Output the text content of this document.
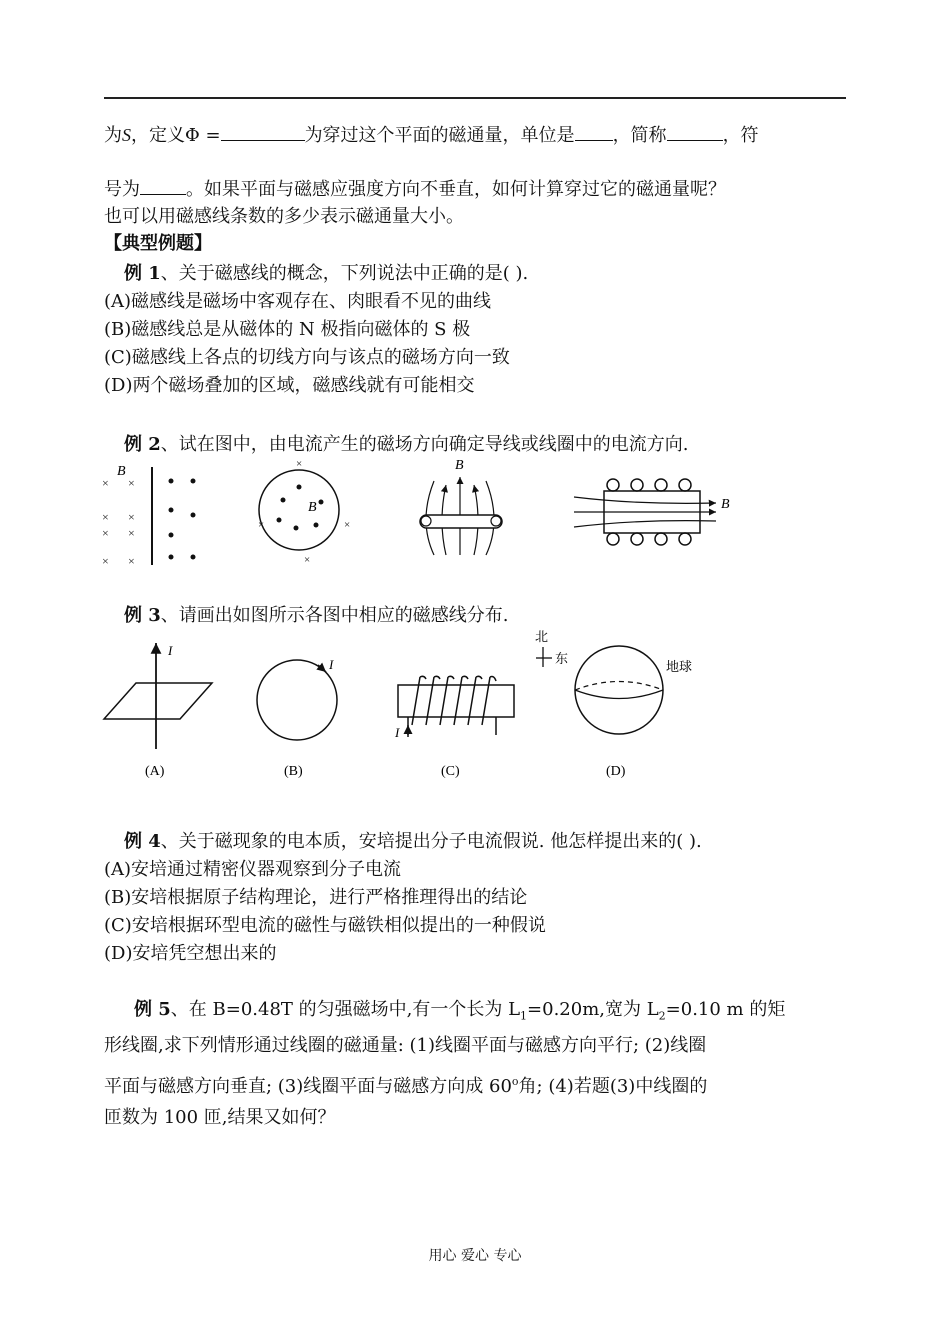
为S，定义Φ =	为穿过这个平面的磁通量，单位是 ，简称	，符
号为	。如果平面与磁感应强度方向不垂直，如何计算穿过它的磁通量呢？
也可以用磁感线条数的多少表示磁通量大小。
【典型例题】
例 1、关于磁感线的概念，下列说法中正确的是( ).
(A)磁感线是磁场中客观存在、肉眼看不见的曲线
(B)磁感线总是从磁体的 N 极指向磁体的 S 极
(C)磁感线上各点的切线方向与该点的磁场方向一致
(D)两个磁场叠加的区域，磁感线就有可能相交
例 2、试在图中，由电流产生的磁场方向确定导线或线圈中的电流方向.
B
× ×
× ×
×
× ×
×
B
×
×	×
×
B
B
例 3、请画出如图所示各图中相应的磁感线分布.
I
(A)
I
(B)
I
(C)
北
东
地球
(D)
例 4、关于磁现象的电本质，安培提出分子电流假说. 他怎样提出来的( ).
(A)安培通过精密仪器观察到分子电流
(B)安培根据原子结构理论，进行严格推理得出的结论
(C)安培根据环型电流的磁性与磁铁相似提出的一种假说
(D)安培凭空想出来的
例 5、在 B=0.48T 的匀强磁场中,有一个长为 $L_1=0.20m$,宽为 $L_2=0.10$ m 的矩
形线圈,求下列情形通过线圈的磁通量: (1)线圈平面与磁感方向平行; (2)线圈
平面与磁感方向垂直; (3)线圈平面与磁感方向成 60$^o$角; (4)若题(3)中线圈的
匝数为 100 匝,结果又如何？
用心 爱心 专心
